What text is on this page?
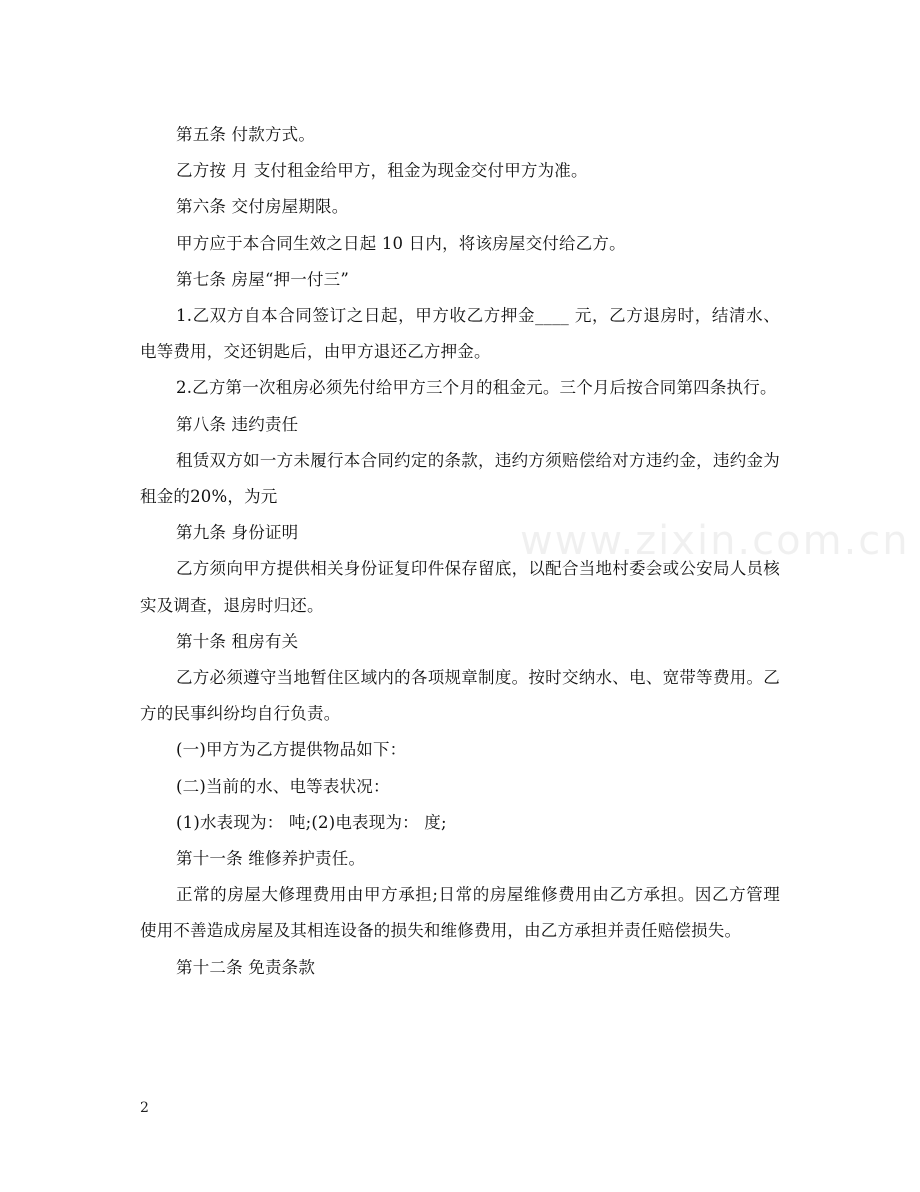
www.zixin.com.cn

第五条 付款方式。

乙方按 月 支付租金给甲方，租金为现金交付甲方为准。

第六条 交付房屋期限。

甲方应于本合同生效之日起 10 日内，将该房屋交付给乙方。

第七条 房屋“押一付三”

1.乙双方自本合同签订之日起，甲方收乙方押金____ 元，乙方退房时，结清水、电等费用，交还钥匙后，由甲方退还乙方押金。

2.乙方第一次租房必须先付给甲方三个月的租金元。三个月后按合同第四条执行。

第八条 违约责任

租赁双方如一方未履行本合同约定的条款，违约方须赔偿给对方违约金，违约金为 租金的20%，为元

第九条 身份证明

乙方须向甲方提供相关身份证复印件保存留底，以配合当地村委会或公安局人员核实及调查，退房时归还。

第十条 租房有关

乙方必须遵守当地暂住区域内的各项规章制度。按时交纳水、电、宽带等费用。乙方的民事纠纷均自行负责。

(一)甲方为乙方提供物品如下：

(二)当前的水、电等表状况：

(1)水表现为： 吨;(2)电表现为： 度;

第十一条 维修养护责任。

正常的房屋大修理费用由甲方承担;日常的房屋维修费用由乙方承担。因乙方管理使用不善造成房屋及其相连设备的损失和维修费用，由乙方承担并责任赔偿损失。

第十二条 免责条款

2
